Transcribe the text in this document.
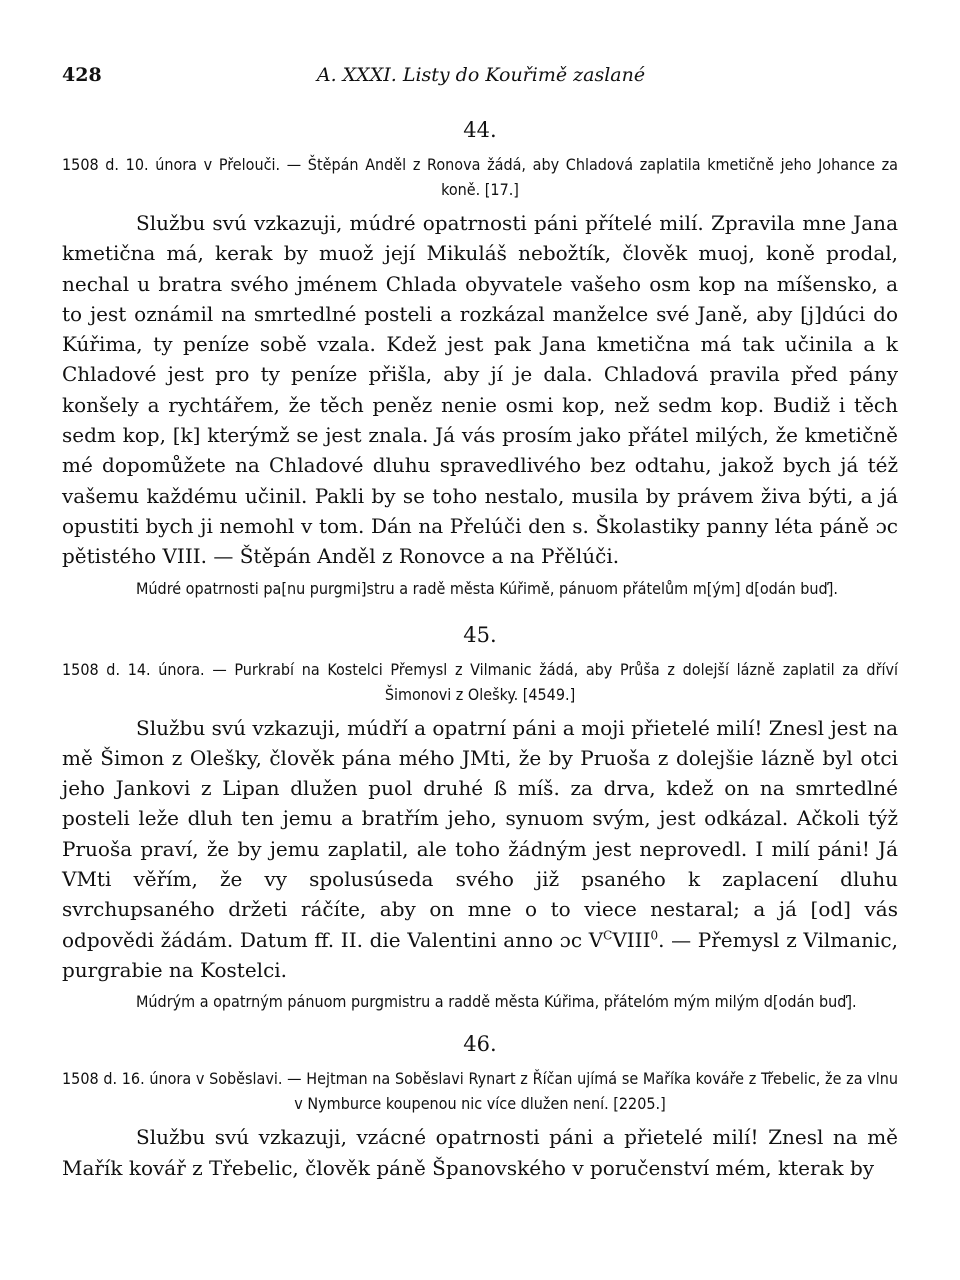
428	A. XXXI. Listy do Kouřimě zaslané
44.

1508 d. 10. února v Přelouči. — Štěpán Anděl z Ronova žádá, aby Chladová zaplatila kmetičně jeho Johance za koně. [17.]

Službu svú vzkazuji, múdré opatrnosti páni přítelé milí. Zpravila mne Jana kmetična má, kerak by muož její Mikuláš nebožtík, člověk muoj, koně prodal, nechal u bratra svého jménem Chlada obyvatele vašeho osm kop na míšensko, a to jest oznámil na smrtedlné posteli a rozkázal manželce své Janě, aby [j]dúci do Kúřima, ty peníze sobě vzala. Kdež jest pak Jana kmetična má tak učinila a k Chladové jest pro ty peníze přišla, aby jí je dala. Chladová pravila před pány konšely a rychtářem, že těch peněz nenie osmi kop, než sedm kop. Budiž i těch sedm kop, [k] kterýmž se jest znala. Já vás prosím jako přátel milých, že kmetičně mé dopomůžete na Chladové dluhu spravedlivého bez odtahu, jakož bych já též vašemu každému učinil. Pakli by se toho nestalo, musila by právem živa býti, a já opustiti bych ji nemohl v tom. Dán na Přelúči den s. Školastiky panny léta páně ɔc pětistého VIII. — Štěpán Anděl z Ronovce a na Přělúči.

Múdré opatrnosti pa[nu purgmi]stru a radě města Kúřimě, pánuom přátelům m[ým] d[odán buď].

45.

1508 d. 14. února. — Purkrabí na Kostelci Přemysl z Vilmanic žádá, aby Průša z dolejší lázně zaplatil za dříví Šimonovi z Olešky. [4549.]

Službu svú vzkazuji, múdří a opatrní páni a moji přietelé milí! Znesl jest na mě Šimon z Olešky, člověk pána mého JMti, že by Pruoša z dolejšie lázně byl otci jeho Jankovi z Lipan dlužen puol druhé ß míš. za drva, kdež on na smrtedlné posteli leže dluh ten jemu a bratřím jeho, synuom svým, jest odkázal. Ačkoli týž Pruoša praví, že by jemu zaplatil, ale toho žádným jest neprovedl. I milí páni! Já VMti věřím, že vy spolusúseda svého již psaného k zaplacení dluhu svrchupsaného držeti ráčíte, aby on mne o to viece nestaral; a já [od] vás odpovědi žádám. Datum ff. II. die Valentini anno ɔc $V^CVIII^0$. — Přemysl z Vilmanic, purgrabie na Kostelci.

Múdrým a opatrným pánuom purgmistru a raddě města Kúřima, přátelóm mým milým d[odán buď].

46.

1508 d. 16. února v Soběslavi. — Hejtman na Soběslavi Rynart z Říčan ujímá se Maříka kováře z Třebelic, že za vlnu v Nymburce koupenou nic více dlužen není. [2205.]

Službu svú vzkazuji, vzácné opatrnosti páni a přietelé milí! Znesl na mě Mařík kovář z Třebelic, člověk páně Španovského v poručenství mém, kterak by
